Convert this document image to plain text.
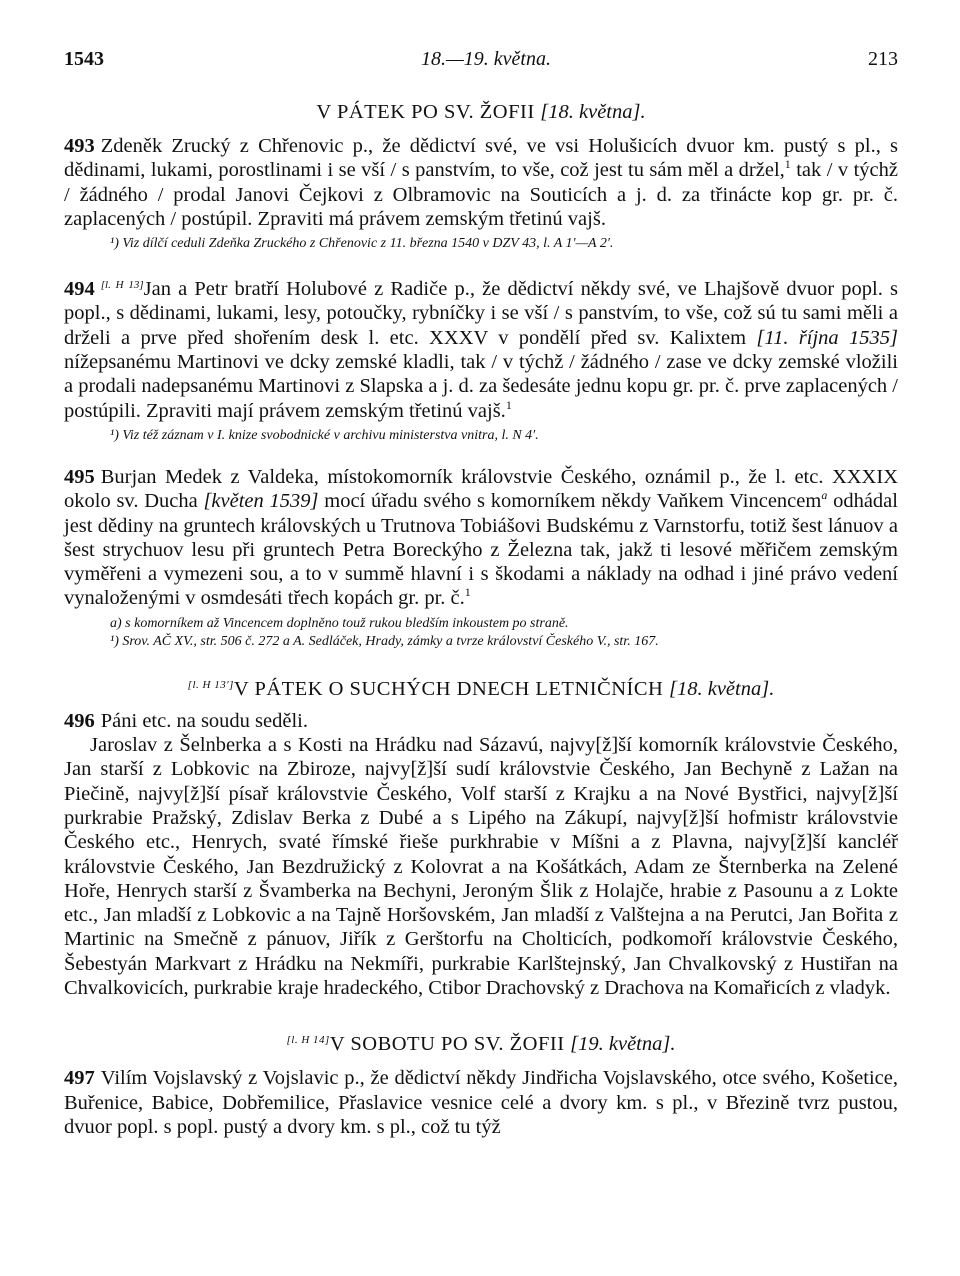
1543	18.—19. května.	213
V PÁTEK PO SV. ŽOFII [18. května].

493 Zdeněk Zrucký z Chřenovic p., že dědictví své, ve vsi Holušicích dvuor km. pustý s pl., s dědinami, lukami, porostlinami i se vší / s panstvím, to vše, což jest tu sám měl a držel,$^1$ tak / v týchž / žádného / prodal Janovi Čejkovi z Olbramovic na Souticích a j. d. za třinácte kop gr. pr. č. zaplacených / postúpil. Zpraviti má právem zemským třetinú vajš.

¹) Viz dílčí ceduli Zdeňka Zruckého z Chřenovic z 11. března 1540 v DZV 43, l. A 1′—A 2′.

494 [l. H 13]Jan a Petr bratří Holubové z Radiče p., že dědictví někdy své, ve Lhajšově dvuor popl. s popl., s dědinami, lukami, lesy, potoučky, rybníčky i se vší / s panstvím, to vše, což sú tu sami měli a drželi a prve před shořením desk l. etc. XXXV v pondělí před sv. Kalixtem [11. října 1535] nížepsanému Martinovi ve dcky zemské kladli, tak / v týchž / žádného / zase ve dcky zemské vložili a prodali nadepsanému Martinovi z Slapska a j. d. za šedesáte jednu kopu gr. pr. č. prve zaplacených / postúpili. Zpraviti mají právem zemským třetinú vajš.$^1$

¹) Viz též záznam v I. knize svobodnické v archivu ministerstva vnitra, l. N 4′.

495 Burjan Medek z Valdeka, místokomorník královstvie Českého, oznámil p., že l. etc. XXXIX okolo sv. Ducha [květen 1539] mocí úřadu svého s komorníkem někdy Vaňkem Vincencem$^a$ odhádal jest dědiny na gruntech královských u Trutnova Tobiášovi Budskému z Varnstorfu, totiž šest lánuov a šest strychuov lesu při gruntech Petra Boreckýho z Železna tak, jakž ti lesové měřičem zemským vyměřeni a vymezeni sou, a to v summě hlavní i s škodami a náklady na odhad i jiné právo vedení vynaloženými v osmdesáti třech kopách gr. pr. č.$^1$

a) s komorníkem až Vincencem doplněno touž rukou bledším inkoustem po straně.
¹) Srov. AČ XV., str. 506 č. 272 a A. Sedláček, Hrady, zámky a tvrze království Českého V., str. 167.
[l. H 13′]V PÁTEK O SUCHÝCH DNECH LETNIČNÍCH [18. května].

496 Páni etc. na soudu seděli.

Jaroslav z Šelnberka a s Kosti na Hrádku nad Sázavú, najvy[ž]ší komorník královstvie Českého, Jan starší z Lobkovic na Zbiroze, najvy[ž]ší sudí královstvie Českého, Jan Bechyně z Lažan na Piečině, najvy[ž]ší písař královstvie Českého, Volf starší z Krajku a na Nové Bystřici, najvy[ž]ší purkrabie Pražský, Zdislav Berka z Dubé a s Lipého na Zákupí, najvy[ž]ší hofmistr královstvie Českého etc., Henrych, svaté římské řieše purkhrabie v Míšni a z Plavna, najvy[ž]ší kancléř královstvie Českého, Jan Bezdružický z Kolovrat a na Košátkách, Adam ze Šternberka na Zelené Hoře, Henrych starší z Švamberka na Bechyni, Jeroným Šlik z Holajče, hrabie z Pasounu a z Lokte etc., Jan mladší z Lobkovic a na Tajně Horšovském, Jan mladší z Valštejna a na Perutci, Jan Bořita z Martinic na Smečně z pánuov, Jiřík z Gerštorfu na Cholticích, podkomoří královstvie Českého, Šebestyán Markvart z Hrádku na Nekmíři, purkrabie Karlštejnský, Jan Chvalkovský z Hustiřan na Chvalkovicích, purkrabie kraje hradeckého, Ctibor Drachovský z Drachova na Komařicích z vladyk.

[l. H 14]V SOBOTU PO SV. ŽOFII [19. května].

497 Vilím Vojslavský z Vojslavic p., že dědictví někdy Jindřicha Vojslavského, otce svého, Košetice, Buřenice, Babice, Dobřemilice, Přaslavice vesnice celé a dvory km. s pl., v Březině tvrz pustou, dvuor popl. s popl. pustý a dvory km. s pl., což tu týž
